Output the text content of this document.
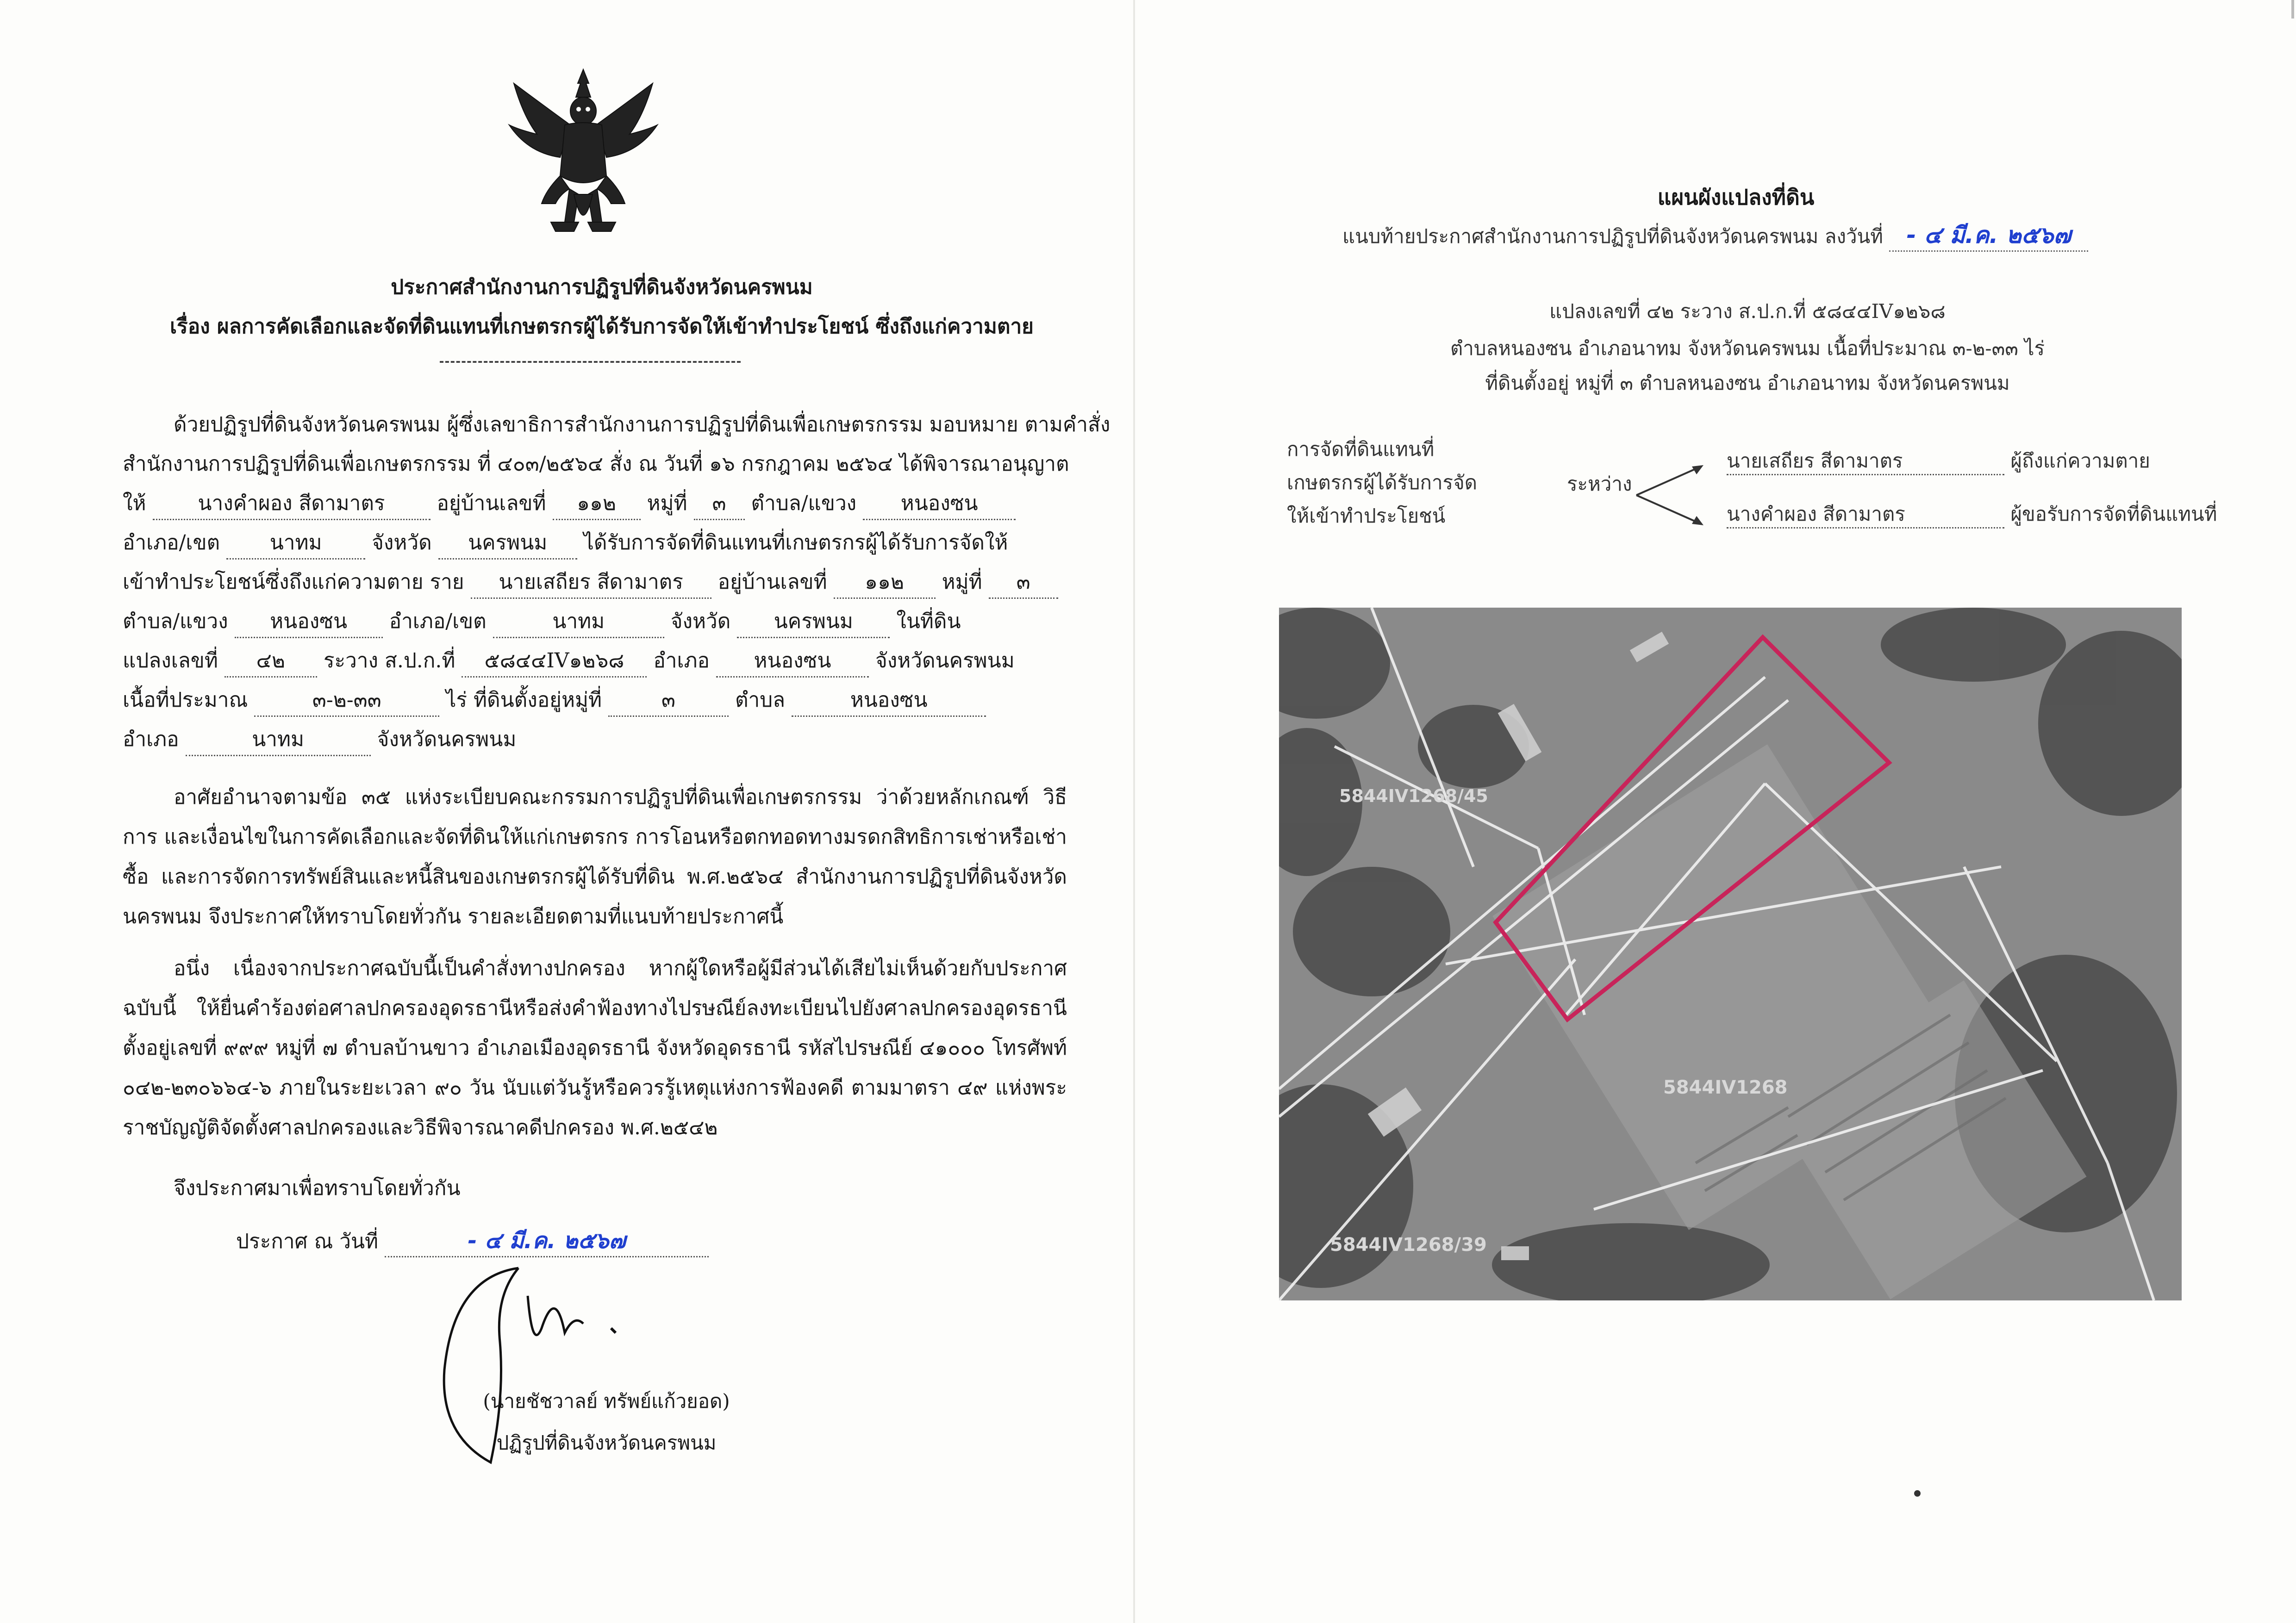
ประกาศสำนักงานการปฏิรูปที่ดินจังหวัดนครพนม
เรื่อง ผลการคัดเลือกและจัดที่ดินแทนที่เกษตรกรผู้ได้รับการจัดให้เข้าทำประโยชน์ ซึ่งถึงแก่ความตาย
ด้วยปฏิรูปที่ดินจังหวัดนครพนม ผู้ซึ่งเลขาธิการสำนักงานการปฏิรูปที่ดินเพื่อเกษตรกรรม มอบหมาย ตามคำสั่ง
สำนักงานการปฏิรูปที่ดินเพื่อเกษตรกรรม ที่ ๔๐๓/๒๕๖๔ สั่ง ณ วันที่ ๑๖ กรกฎาคม ๒๕๖๔ ได้พิจารณาอนุญาต
ให้	นางคำผอง สีดามาตร	อยู่บ้านเลขที่ ๑๑๒ หมู่ที่ ๓ ตำบล/แขวง หนองซน
อำเภอ/เขต นาทม จังหวัด นครพนม ได้รับการจัดที่ดินแทนที่เกษตรกรผู้ได้รับการจัดให้
เข้าทำประโยชน์ซึ่งถึงแก่ความตาย ราย นายเสถียร สีดามาตร อยู่บ้านเลขที่ ๑๑๒ หมู่ที่ ๓
ตำบล/แขวง หนองซน อำเภอ/เขต	นาทม	จังหวัด นครพนม ในที่ดิน
แปลงเลขที่ ๔๒ ระวาง ส.ป.ก.ที่ ๕๘๔๔IV๑๒๖๘ อำเภอ หนองซน จังหวัดนครพนม
เนื้อที่ประมาณ	๓-๒-๓๓	ไร่ ที่ดินตั้งอยู่หมู่ที่	๓	ตำบล	หนองซน
อำเภอ	นาทม	จังหวัดนครพนม
อาศัยอำนาจตามข้อ ๓๕ แห่งระเบียบคณะกรรมการปฏิรูปที่ดินเพื่อเกษตรกรรม ว่าด้วยหลักเกณฑ์ วิธีการ และเงื่อนไขในการคัดเลือกและจัดที่ดินให้แก่เกษตรกร การโอนหรือตกทอดทางมรดกสิทธิการเช่าหรือเช่าซื้อ และการจัดการทรัพย์สินและหนี้สินของเกษตรกรผู้ได้รับที่ดิน พ.ศ.๒๕๖๔ สำนักงานการปฏิรูปที่ดินจังหวัดนครพนม จึงประกาศให้ทราบโดยทั่วกัน รายละเอียดตามที่แนบท้ายประกาศนี้
อนึ่ง เนื่องจากประกาศฉบับนี้เป็นคำสั่งทางปกครอง หากผู้ใดหรือผู้มีส่วนได้เสียไม่เห็นด้วยกับประกาศฉบับนี้ ให้ยื่นคำร้องต่อศาลปกครองอุดรธานีหรือส่งคำฟ้องทางไปรษณีย์ลงทะเบียนไปยังศาลปกครองอุดรธานี ตั้งอยู่เลขที่ ๙๙๙ หมู่ที่ ๗ ตำบลบ้านขาว อำเภอเมืองอุดรธานี จังหวัดอุดรธานี รหัสไปรษณีย์ ๔๑๐๐๐ โทรศัพท์ ๐๔๒-๒๓๐๖๖๔-๖ ภายในระยะเวลา ๙๐ วัน นับแต่วันรู้หรือควรรู้เหตุแห่งการฟ้องคดี ตามมาตรา ๔๙ แห่งพระราชบัญญัติจัดตั้งศาลปกครองและวิธีพิจารณาคดีปกครอง พ.ศ.๒๕๔๒
จึงประกาศมาเพื่อทราบโดยทั่วกัน
ประกาศ ณ วันที่	- ๔ มี.ค. ๒๕๖๗
(นายชัชวาลย์ ทรัพย์แก้วยอด)
ปฏิรูปที่ดินจังหวัดนครพนม
แผนผังแปลงที่ดิน
แนบท้ายประกาศสำนักงานการปฏิรูปที่ดินจังหวัดนครพนม ลงวันที่ - ๔ มี.ค. ๒๕๖๗
แปลงเลขที่ ๔๒ ระวาง ส.ป.ก.ที่ ๕๘๔๔IV๑๒๖๘
ตำบลหนองซน อำเภอนาทม จังหวัดนครพนม เนื้อที่ประมาณ ๓-๒-๓๓ ไร่
ที่ดินตั้งอยู่ หมู่ที่ ๓ ตำบลหนองซน อำเภอนาทม จังหวัดนครพนม
การจัดที่ดินแทนที่
เกษตรกรผู้ได้รับการจัด
ให้เข้าทำประโยชน์
ระหว่าง
นายเสถียร สีดามาตร	ผู้ถึงแก่ความตาย
นางคำผอง สีดามาตร	ผู้ขอรับการจัดที่ดินแทนที่
5844IV1268/45
5844IV1268
5844IV1268/39
